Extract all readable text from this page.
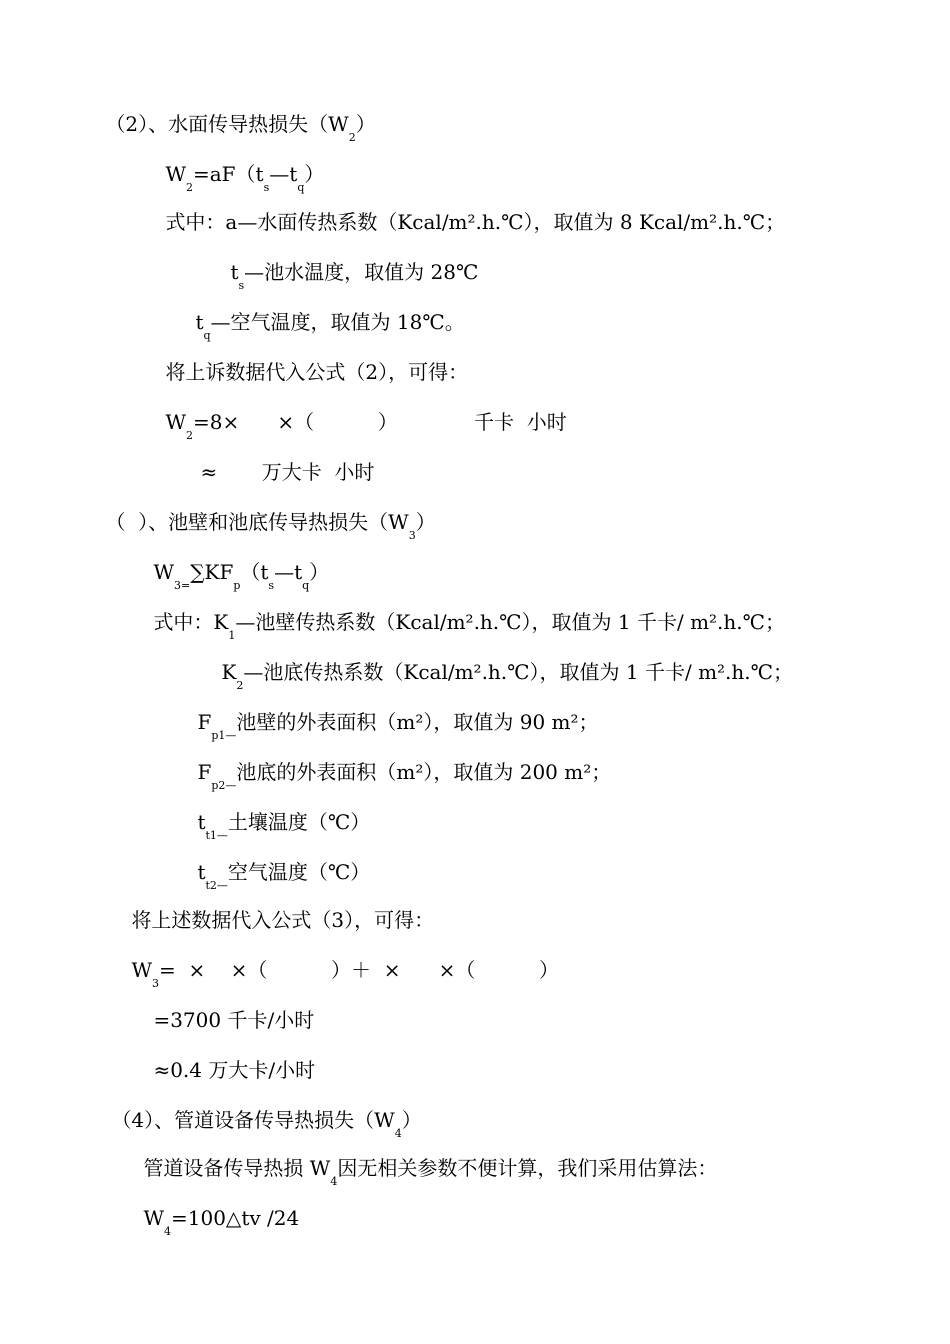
（2）、水面传导热损失$(W_2)$

$W_2=aF(t_s—t_q)$

式中：a—水面传热系数（Kcal/m².h.℃），取值为 8 Kcal/m².h.℃；

$t_s—$池水温度，取值为 28℃

$t_q—$空气温度，取值为 18℃。

将上诉数据代入公式（2），可得：

$W_2=8\times$      ×（          ）            千卡  小时

≈       万大卡  小时

（  ）、池壁和池底传导热损失$(W_3)$

$W_{3=}\sum KF_p(t_s—t_q)$

式中：$K_1—$池壁传热系数（Kcal/m².h.℃），取值为 1 千卡/ m².h.℃；

$K_2—$池底传热系数（Kcal/m².h.℃），取值为 1 千卡/ m².h.℃；

$F_{p1—}$池壁的外表面积（m²），取值为 90 m²；

$F_{p2—}$池底的外表面积（m²），取值为 200 m²；

$t_{t1—}$土壤温度（℃）

$t_{t2—}$空气温度（℃）

将上述数据代入公式（3），可得：

$W_3=$  ×    ×（          ）＋  ×      ×（          ）

=3700 千卡/小时

≈0.4 万大卡/小时

（4）、管道设备传导热损失$(W_4)$

管道设备传导热损 $W_4$因无相关参数不便计算，我们采用估算法：

$W_4=100\triangle tv$ /24
